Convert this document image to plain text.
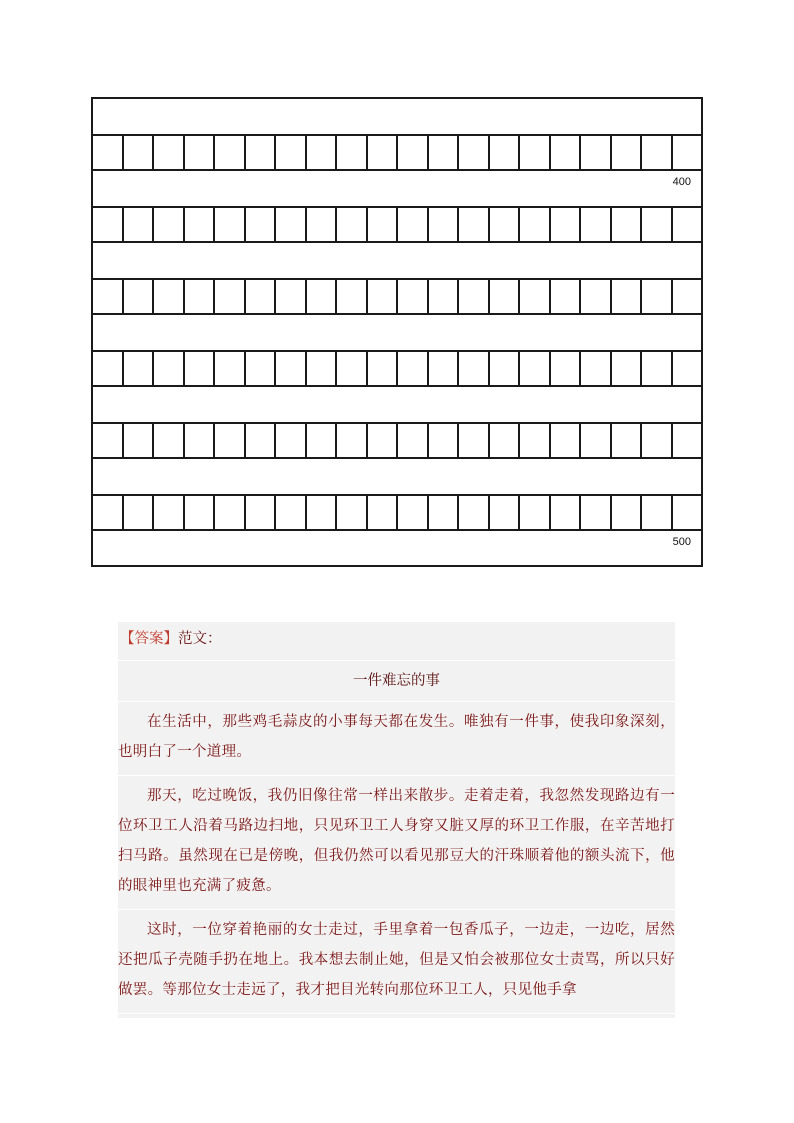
400
500
【答案】范文：
一件难忘的事

在生活中，那些鸡毛蒜皮的小事每天都在发生。唯独有一件事，使我印象深刻，也明白了一个道理。

那天，吃过晚饭，我仍旧像往常一样出来散步。走着走着，我忽然发现路边有一位环卫工人沿着马路边扫地，只见环卫工人身穿又脏又厚的环卫工作服，在辛苦地打扫马路。虽然现在已是傍晚，但我仍然可以看见那豆大的汗珠顺着他的额头流下，他的眼神里也充满了疲惫。

这时，一位穿着艳丽的女士走过，手里拿着一包香瓜子，一边走，一边吃，居然还把瓜子壳随手扔在地上。我本想去制止她，但是又怕会被那位女士责骂，所以只好做罢。等那位女士走远了，我才把目光转向那位环卫工人，只见他手拿
